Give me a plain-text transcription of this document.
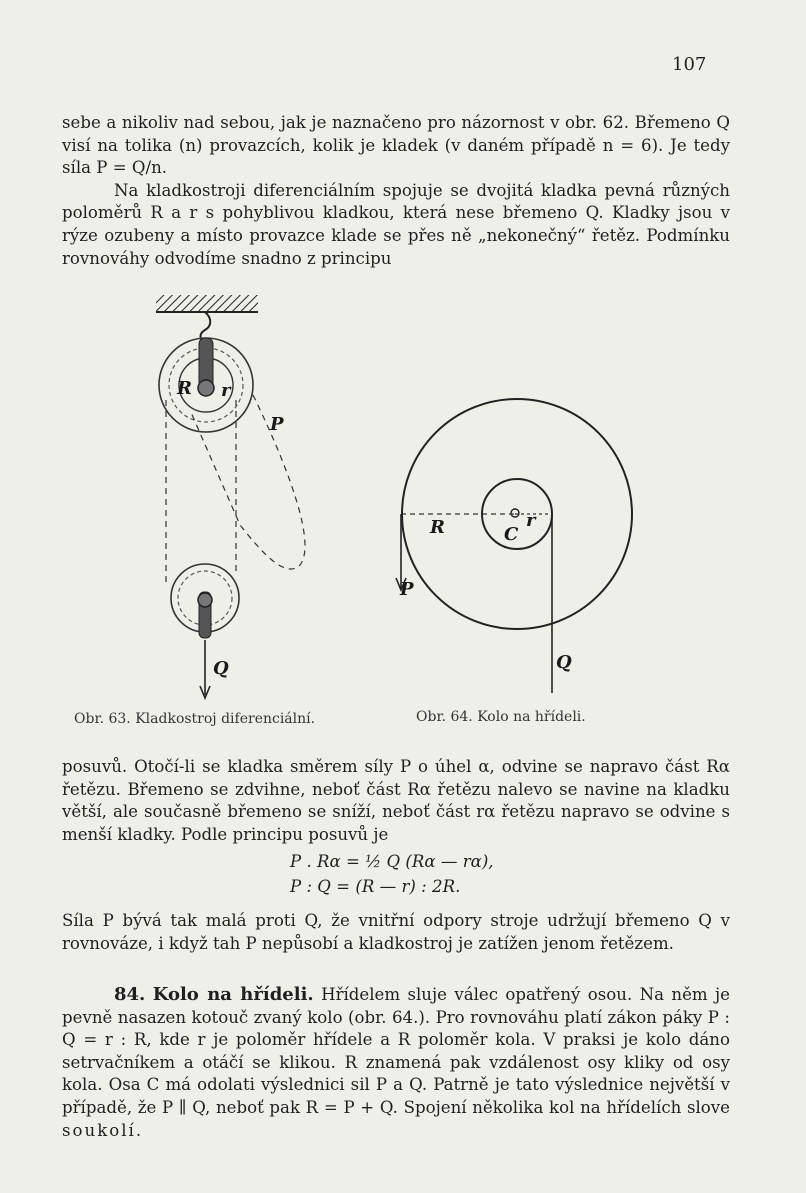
107

sebe a nikoliv nad sebou, jak je naznačeno pro názornost v obr. 62. Břemeno Q visí na tolika (n) provazcích, kolik je kladek (v daném případě n = 6). Je tedy síla P = Q/n.

Na kladkostroji diferenciálním spojuje se dvojitá kladka pevná různých poloměrů R a r s pohyblivou kladkou, která nese břemeno Q. Kladky jsou v rýze ozubeny a místo provazce klade se přes ně „nekonečný“ řetěz. Podmínku rovnováhy odvodíme snadno z principu

R r
P
Q
R	C
r
P
Q
Obr. 63. Kladkostroj diferenciální.	Obr. 64. Kolo na hřídeli.

posuvů. Otočí-li se kladka směrem síly P o úhel α, odvine se napravo část Rα řetězu. Břemeno se zdvihne, neboť část Rα řetězu nalevo se navine na kladku větší, ale současně břemeno se sníží, neboť část rα řetězu napravo se odvine s menší kladky. Podle principu posuvů je

P . Rα = ½ Q (Rα — rα),
P : Q = (R — r) : 2R.

Síla P bývá tak malá proti Q, že vnitřní odpory stroje udržují břemeno Q v rovnováze, i když tah P nepůsobí a kladkostroj je zatížen jenom řetězem.

84. Kolo na hřídeli. Hřídelem sluje válec opatřený osou. Na něm je pevně nasazen kotouč zvaný kolo (obr. 64.). Pro rovnováhu platí zákon páky P : Q = r : R, kde r je poloměr hřídele a R poloměr kola. V praksi je kolo dáno setrvačníkem a otáčí se klikou. R znamená pak vzdálenost osy kliky od osy kola. Osa C má odolati výslednici sil P a Q. Patrně je tato výslednice největší v případě, že P ∥ Q, neboť pak R = P + Q. Spojení několika kol na hřídelích slove soukolí.
